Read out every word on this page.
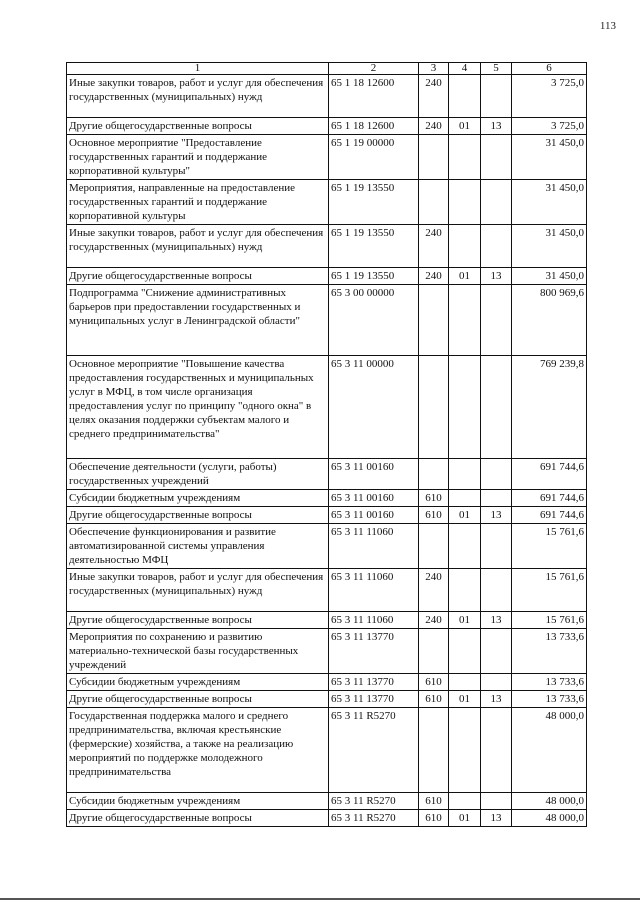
113
1	2	3	4	5	6
Иные закупки товаров, работ и услуг для обеспечения государственных (муниципальных) нужд	65 1 18 12600	240			3 725,0
Другие общегосударственные вопросы	65 1 18 12600	240	01	13	3 725,0
Основное мероприятие "Предоставление государственных гарантий и поддержание корпоративной культуры"	65 1 19 00000				31 450,0
Мероприятия, направленные на предоставление государственных гарантий и поддержание корпоративной культуры	65 1 19 13550				31 450,0
Иные закупки товаров, работ и услуг для обеспечения государственных (муниципальных) нужд	65 1 19 13550	240			31 450,0
Другие общегосударственные вопросы	65 1 19 13550	240	01	13	31 450,0
Подпрограмма "Снижение административных барьеров при предоставлении государственных и муниципальных услуг в Ленинградской области"	65 3 00 00000				800 969,6
Основное мероприятие "Повышение качества предоставления государственных и муниципальных услуг в МФЦ, в том числе организация предоставления услуг по принципу "одного окна" в целях оказания поддержки субъектам малого и среднего предпринимательства"	65 3 11 00000				769 239,8
Обеспечение деятельности (услуги, работы) государственных учреждений	65 3 11 00160				691 744,6
Субсидии бюджетным учреждениям	65 3 11 00160	610			691 744,6
Другие общегосударственные вопросы	65 3 11 00160	610	01	13	691 744,6
Обеспечение функционирования и развитие автоматизированной системы управления деятельностью МФЦ	65 3 11 11060				15 761,6
Иные закупки товаров, работ и услуг для обеспечения государственных (муниципальных) нужд	65 3 11 11060	240			15 761,6
Другие общегосударственные вопросы	65 3 11 11060	240	01	13	15 761,6
Мероприятия по сохранению и развитию материально-технической базы государственных учреждений	65 3 11 13770				13 733,6
Субсидии бюджетным учреждениям	65 3 11 13770	610			13 733,6
Другие общегосударственные вопросы	65 3 11 13770	610	01	13	13 733,6
Государственная поддержка малого и среднего предпринимательства, включая крестьянские (фермерские) хозяйства, а также на реализацию мероприятий по поддержке молодежного предпринимательства	65 3 11 R5270				48 000,0
Субсидии бюджетным учреждениям	65 3 11 R5270	610			48 000,0
Другие общегосударственные вопросы	65 3 11 R5270	610	01	13	48 000,0
